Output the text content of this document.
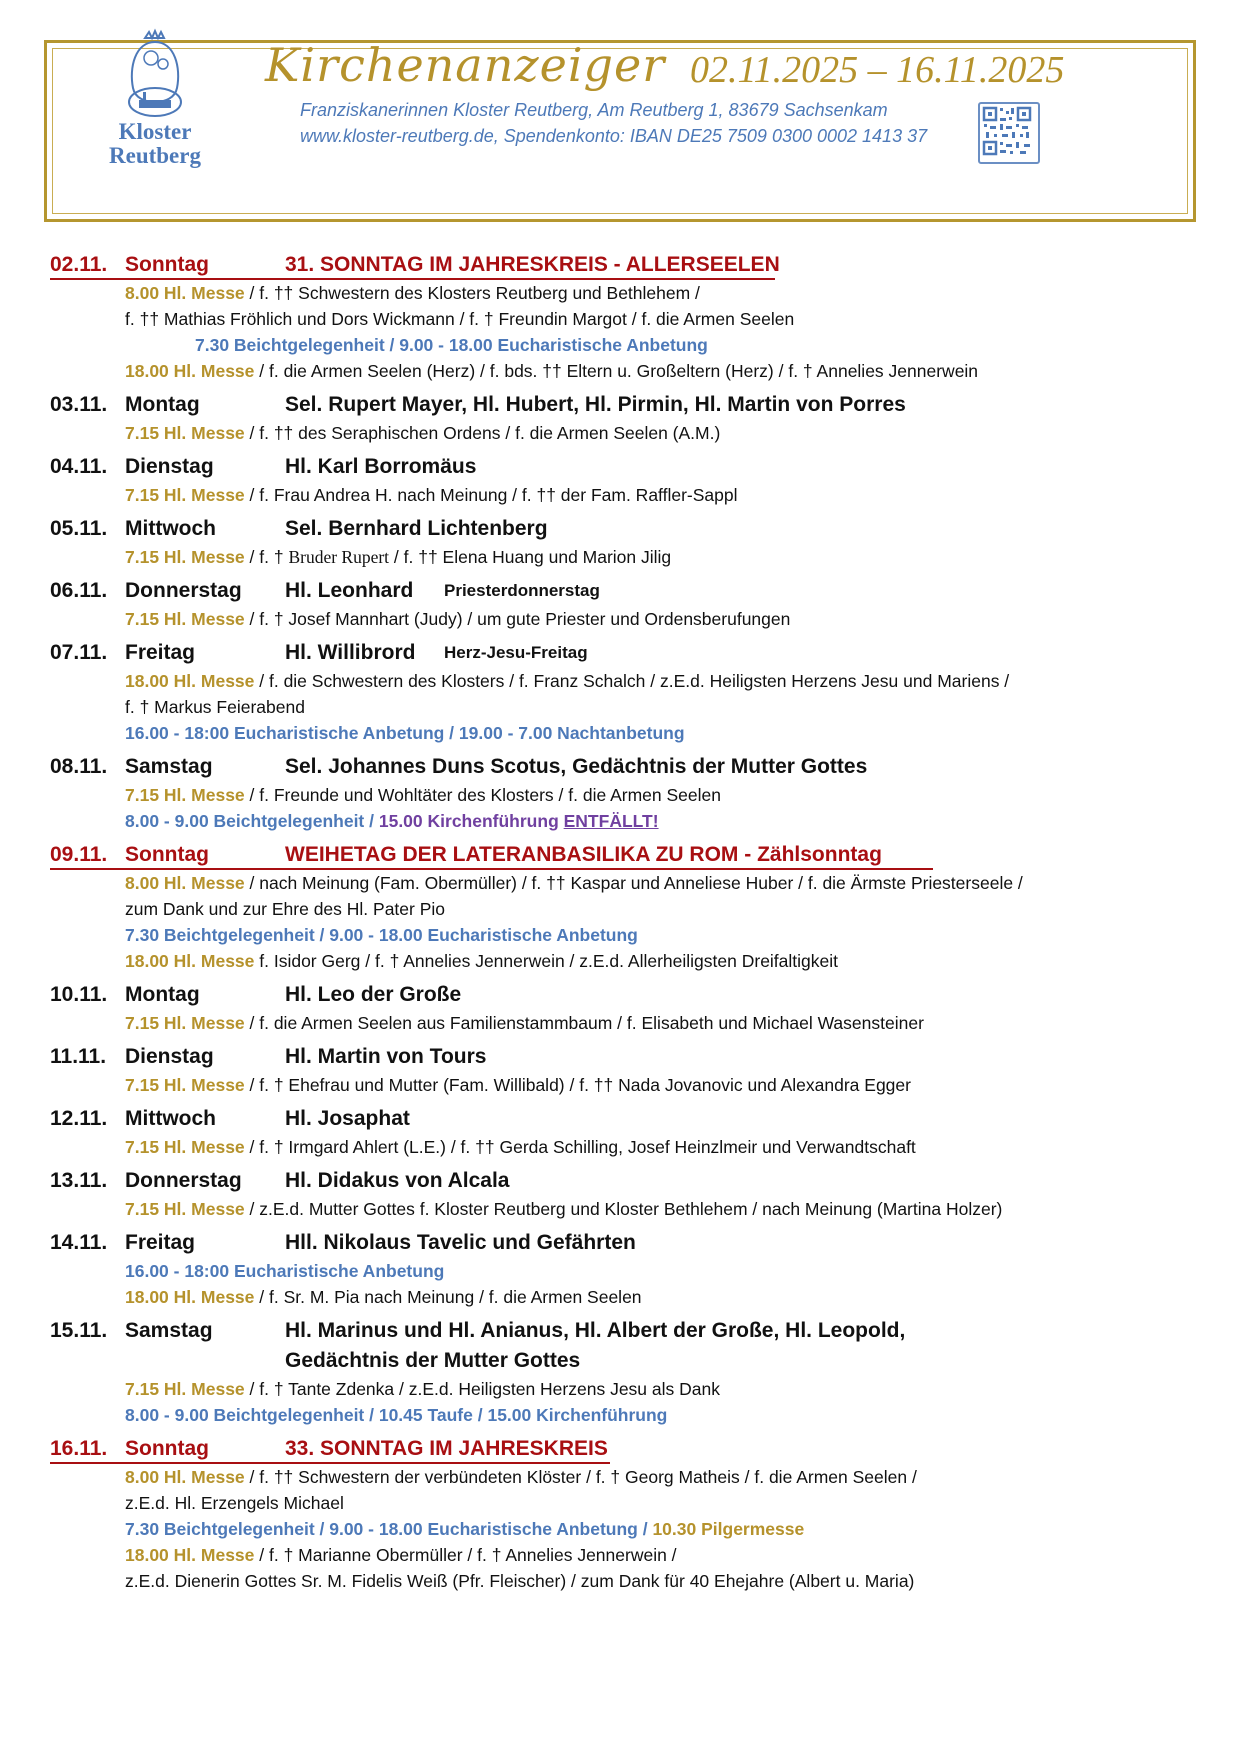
Kloster
Reutberg
Kirchenanzeiger 02.11.2025 – 16.11.2025
Franziskanerinnen Kloster Reutberg, Am Reutberg 1, 83679 Sachsenkam
www.kloster-reutberg.de, Spendenkonto: IBAN DE25 7509 0300 0002 1413 37
02.11. Sonntag	31. SONNTAG IM JAHRESKREIS - ALLERSEELEN
8.00 Hl. Messe / f. †† Schwestern des Klosters Reutberg und Bethlehem /
f. †† Mathias Fröhlich und Dors Wickmann / f. † Freundin Margot / f. die Armen Seelen
7.30 Beichtgelegenheit / 9.00 - 18.00 Eucharistische Anbetung
18.00 Hl. Messe / f. die Armen Seelen (Herz) / f. bds. †† Eltern u. Großeltern (Herz) / f. † Annelies Jennerwein
03.11. Montag	Sel. Rupert Mayer, Hl. Hubert, Hl. Pirmin, Hl. Martin von Porres
7.15 Hl. Messe / f. †† des Seraphischen Ordens / f. die Armen Seelen (A.M.)
04.11. Dienstag	Hl. Karl Borromäus
7.15 Hl. Messe / f. Frau Andrea H. nach Meinung / f. †† der Fam. Raffler-Sappl
05.11. Mittwoch	Sel. Bernhard Lichtenberg
7.15 Hl. Messe / f. † Bruder Rupert / f. †† Elena Huang und Marion Jilig
06.11. Donnerstag Hl. Leonhard Priesterdonnerstag
7.15 Hl. Messe / f. † Josef Mannhart (Judy) / um gute Priester und Ordensberufungen
07.11. Freitag	Hl. Willibrord Herz-Jesu-Freitag
18.00 Hl. Messe / f. die Schwestern des Klosters / f. Franz Schalch / z.E.d. Heiligsten Herzens Jesu und Mariens /
f. † Markus Feierabend
16.00 - 18:00 Eucharistische Anbetung / 19.00 - 7.00 Nachtanbetung
08.11. Samstag	Sel. Johannes Duns Scotus, Gedächtnis der Mutter Gottes
7.15 Hl. Messe / f. Freunde und Wohltäter des Klosters / f. die Armen Seelen
8.00 - 9.00 Beichtgelegenheit / 15.00 Kirchenführung ENTFÄLLT!
09.11. Sonntag	WEIHETAG DER LATERANBASILIKA ZU ROM - Zählsonntag
8.00 Hl. Messe / nach Meinung (Fam. Obermüller) / f. †† Kaspar und Anneliese Huber / f. die Ärmste Priesterseele /
zum Dank und zur Ehre des Hl. Pater Pio
7.30 Beichtgelegenheit / 9.00 - 18.00 Eucharistische Anbetung
18.00 Hl. Messe f. Isidor Gerg / f. † Annelies Jennerwein / z.E.d. Allerheiligsten Dreifaltigkeit
10.11. Montag	Hl. Leo der Große
7.15 Hl. Messe / f. die Armen Seelen aus Familienstammbaum / f. Elisabeth und Michael Wasensteiner
11.11. Dienstag	Hl. Martin von Tours
7.15 Hl. Messe / f. † Ehefrau und Mutter (Fam. Willibald) / f. †† Nada Jovanovic und Alexandra Egger
12.11. Mittwoch	Hl. Josaphat
7.15 Hl. Messe / f. † Irmgard Ahlert (L.E.) / f. †† Gerda Schilling, Josef Heinzlmeir und Verwandtschaft
13.11. Donnerstag Hl. Didakus von Alcala
7.15 Hl. Messe / z.E.d. Mutter Gottes f. Kloster Reutberg und Kloster Bethlehem / nach Meinung (Martina Holzer)
14.11. Freitag	Hll. Nikolaus Tavelic und Gefährten
16.00 - 18:00 Eucharistische Anbetung
18.00 Hl. Messe / f. Sr. M. Pia nach Meinung / f. die Armen Seelen
15.11. Samstag	Hl. Marinus und Hl. Anianus, Hl. Albert der Große, Hl. Leopold,
Gedächtnis der Mutter Gottes
7.15 Hl. Messe / f. † Tante Zdenka / z.E.d. Heiligsten Herzens Jesu als Dank
8.00 - 9.00 Beichtgelegenheit / 10.45 Taufe / 15.00 Kirchenführung
16.11. Sonntag	33. SONNTAG IM JAHRESKREIS
8.00 Hl. Messe / f. †† Schwestern der verbündeten Klöster / f. † Georg Matheis / f. die Armen Seelen /
z.E.d. Hl. Erzengels Michael
7.30 Beichtgelegenheit / 9.00 - 18.00 Eucharistische Anbetung / 10.30 Pilgermesse
18.00 Hl. Messe / f. † Marianne Obermüller / f. † Annelies Jennerwein /
z.E.d. Dienerin Gottes Sr. M. Fidelis Weiß (Pfr. Fleischer) / zum Dank für 40 Ehejahre (Albert u. Maria)
